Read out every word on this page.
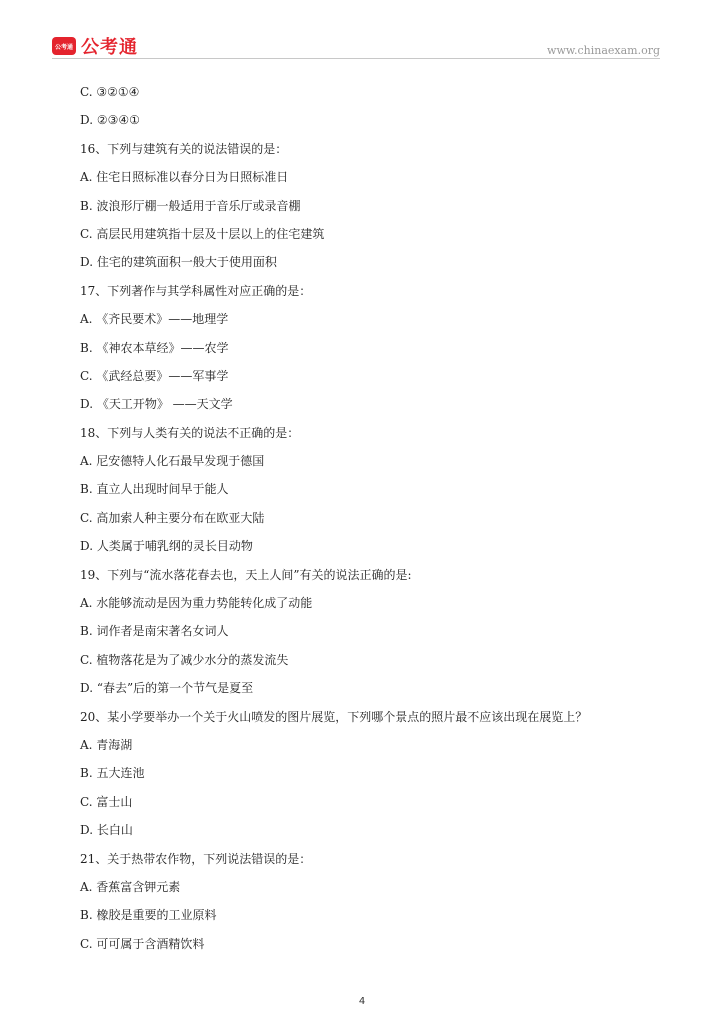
公考通 公考通	www.chinaexam.org
C. ③②①④
D. ②③④①
16、下列与建筑有关的说法错误的是：
A. 住宅日照标准以春分日为日照标准日
B. 波浪形厅棚一般适用于音乐厅或录音棚
C. 高层民用建筑指十层及十层以上的住宅建筑
D. 住宅的建筑面积一般大于使用面积
17、下列著作与其学科属性对应正确的是：
A. 《齐民要术》——地理学
B. 《神农本草经》——农学
C. 《武经总要》——军事学
D. 《天工开物》 ——天文学
18、下列与人类有关的说法不正确的是：
A. 尼安德特人化石最早发现于德国
B. 直立人出现时间早于能人
C. 高加索人种主要分布在欧亚大陆
D. 人类属于哺乳纲的灵长目动物
19、下列与“流水落花春去也，天上人间”有关的说法正确的是:
A. 水能够流动是因为重力势能转化成了动能
B. 词作者是南宋著名女词人
C. 植物落花是为了减少水分的蒸发流失
D. “春去”后的第一个节气是夏至
20、某小学要举办一个关于火山喷发的图片展览，下列哪个景点的照片最不应该出现在展览上？
A. 青海湖
B. 五大连池
C. 富士山
D. 长白山
21、关于热带农作物，下列说法错误的是：
A. 香蕉富含钾元素
B. 橡胶是重要的工业原料
C. 可可属于含酒精饮料
4
